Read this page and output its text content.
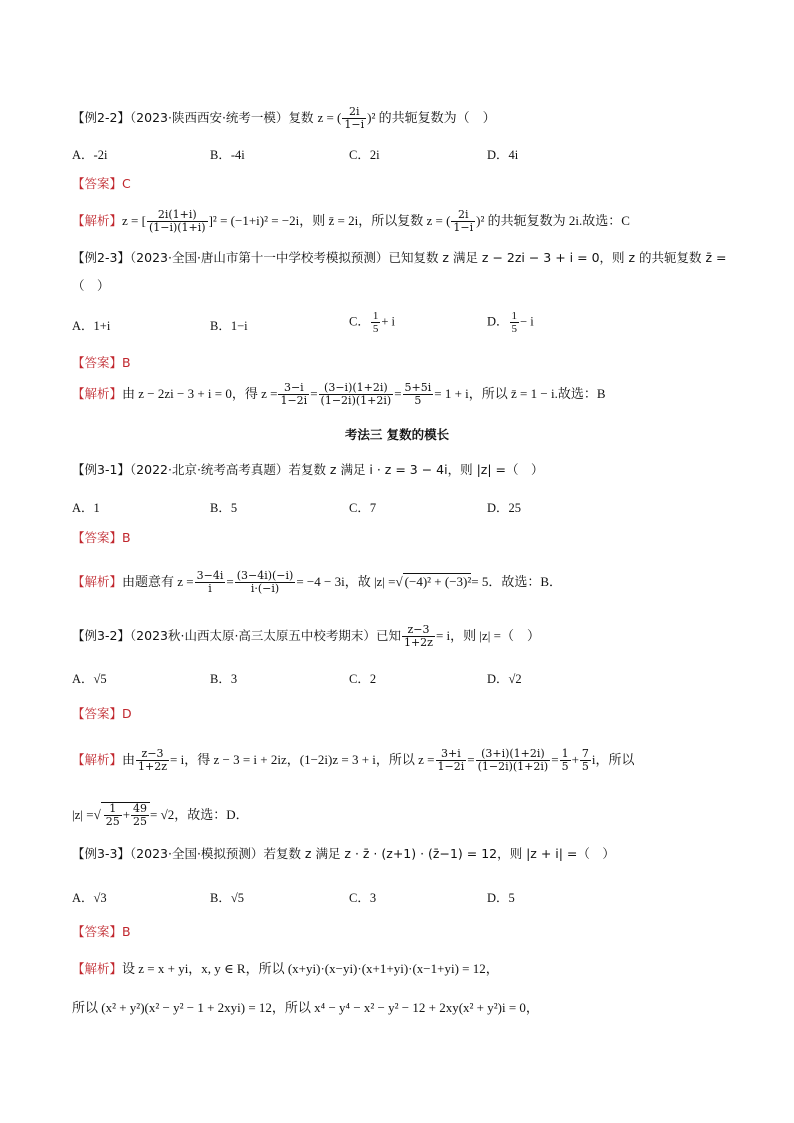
【例2-2】（2023·陕西西安·统考一模）复数 z = ( $\frac{2i}{1-i} )^2$ 的共轭复数为（　）
A．-2i	B．-4i	C．2i	D．4i
【答案】C
【解析】z = [ $\frac{2i(1+i)}{(1-i)(1+i)} ]^2 = (-1+i)^2 = -2i$，则 z̄ = 2i，所以复数 z = ( $\frac{2i}{1-i} )^2$ 的共轭复数为 2i.故选：C
【例2-3】（2023·全国·唐山市第十一中学校考模拟预测）已知复数 z 满足 z − 2zi − 3 + i = 0，则 z 的共轭复数 z̄ =
（　）
A．1+i	B．1−i	C． $\frac{1}{5} + i$	D． $\frac{1}{5} - i$
【答案】B
【解析】由 z − 2zi − 3 + i = 0，得 $z = \frac{3-i}{1-2i} = \frac{(3-i)(1+2i)}{(1-2i)(1+2i)} = \frac{5+5i}{5} = 1 + i$，所以 z̄ = 1 − i.故选：B
考法三 复数的模长
【例3-1】（2022·北京·统考高考真题）若复数 z 满足 i · z = 3 − 4i，则 |z| =（　）
A．1	B．5	C．7	D．25
【答案】B
【解析】由题意有 $z = \frac{3-4i}{i} = \frac{(3-4i)(-i)}{i\cdot(-i)} = -4 - 3i$，故 |z| =√ (−4)² + (−3)²= 5．故选：B．
【例3-2】（2023秋·山西太原·高三太原五中校考期末）已知 $\frac{z-3}{1+2z} = i$，则 |z| =（　）
A．√5	B．3	C．2	D．√2
【答案】D
【解析】由 $\frac{z-3}{1+2z} = i$，得 z − 3 = i + 2iz，(1−2i)z = 3 + i，所以 $z = \frac{3+i}{1-2i} = \frac{(3+i)(1+2i)}{(1-2i)(1+2i)} = \frac{1}{5} + \frac{7}{5}$ i，所以
|z| =√ $\frac{1}{25} + \frac{49}{25} = √2$，故选：D．
【例3-3】（2023·全国·模拟预测）若复数 z 满足 z · z̄ · (z+1) · (z̄−1) = 12，则 |z + i| =（　）
A．√3	B．√5	C．3	D．5
【答案】B
【解析】设 z = x + yi，x, y ∈ R，所以 (x+yi)·(x−yi)·(x+1+yi)·(x−1+yi) = 12，
所以 (x² + y²)(x² − y² − 1 + 2xyi) = 12，所以 x⁴ − y⁴ − x² − y² − 12 + 2xy(x² + y²)i = 0，
